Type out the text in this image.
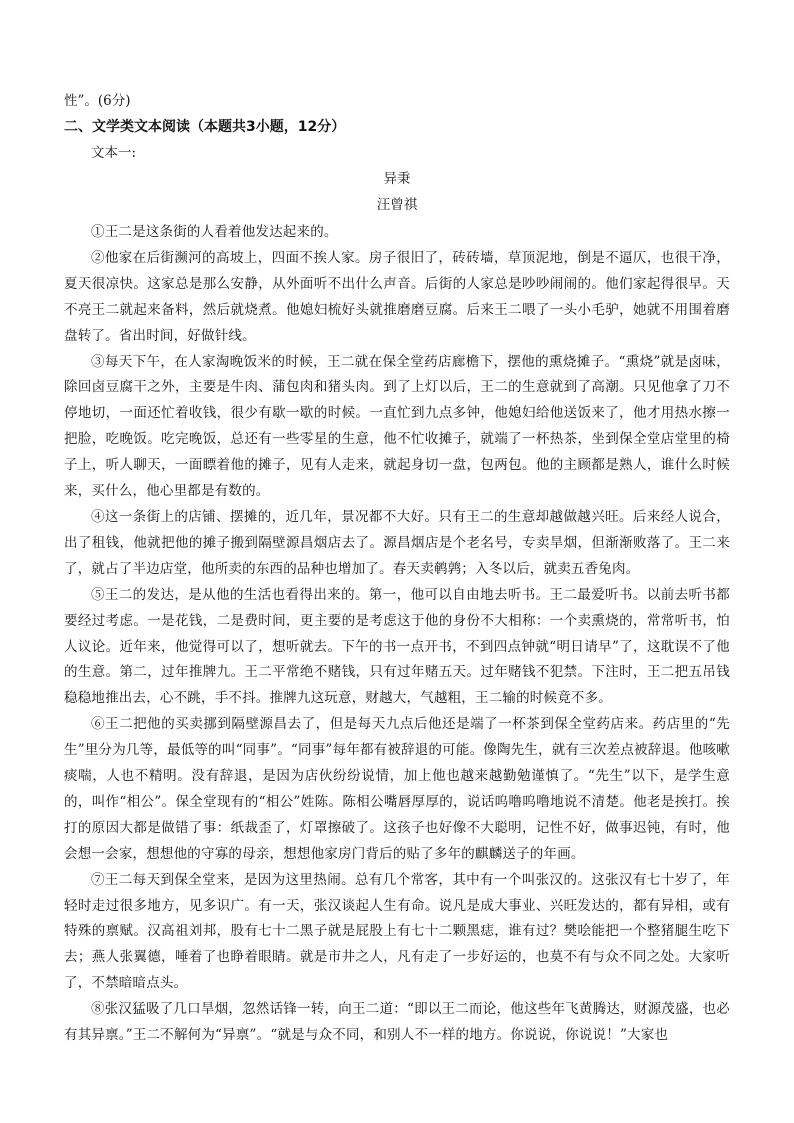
性”。(6分)

二、文学类文本阅读（本题共3小题，12分）

文本一:

异秉

汪曾祺

①王二是这条街的人看着他发达起来的。

②他家在后街濒河的高坡上，四面不挨人家。房子很旧了，砖砖墙，草顶泥地，倒是不逼仄，也很干净，夏天很凉快。这家总是那么安静，从外面听不出什么声音。后街的人家总是吵吵闹闹的。他们家起得很早。天不亮王二就起来备料，然后就烧煮。他媳妇梳好头就推磨磨豆腐。后来王二喂了一头小毛驴，她就不用围着磨盘转了。省出时间，好做针线。

③每天下午，在人家淘晚饭米的时候，王二就在保全堂药店廊檐下，摆他的熏烧摊子。“熏烧”就是卤味，除回卤豆腐干之外，主要是牛肉、蒲包肉和猪头肉。到了上灯以后，王二的生意就到了高潮。只见他拿了刀不停地切，一面还忙着收钱，很少有歇一歇的时候。一直忙到九点多钟，他媳妇给他送饭来了，他才用热水擦一把脸，吃晚饭。吃完晚饭，总还有一些零星的生意，他不忙收摊子，就端了一杯热茶，坐到保全堂店堂里的椅子上，听人聊天，一面瞟着他的摊子，见有人走来，就起身切一盘，包两包。他的主顾都是熟人，谁什么时候来，买什么，他心里都是有数的。

④这一条街上的店铺、摆摊的，近几年，景况都不大好。只有王二的生意却越做越兴旺。后来经人说合，出了租钱，他就把他的摊子搬到隔壁源昌烟店去了。源昌烟店是个老名号，专卖旱烟，但渐渐败落了。王二来了，就占了半边店堂，他所卖的东西的品种也增加了。春天卖鹌鹑；入冬以后，就卖五香兔肉。

⑤王二的发达，是从他的生活也看得出来的。第一，他可以自由地去听书。王二最爱听书。以前去听书都要经过考虑。一是花钱，二是费时间，更主要的是考虑这于他的身份不大相称：一个卖熏烧的，常常听书，怕人议论。近年来，他觉得可以了，想听就去。下午的书一点开书，不到四点钟就“明日请早”了，这耽误不了他的生意。第二，过年推牌九。王二平常绝不赌钱，只有过年赌五天。过年赌钱不犯禁。下注时，王二把五吊钱稳稳地推出去，心不跳，手不抖。推牌九这玩意，财越大，气越粗，王二输的时候竟不多。

⑥王二把他的买卖挪到隔壁源昌去了，但是每天九点后他还是端了一杯茶到保全堂药店来。药店里的“先生”里分为几等，最低等的叫“同事”。“同事”每年都有被辞退的可能。像陶先生，就有三次差点被辞退。他咳嗽痰喘，人也不精明。没有辞退，是因为店伙纷纷说情，加上他也越来越勤勉谨慎了。“先生”以下，是学生意的，叫作“相公”。保全堂现有的“相公”姓陈。陈相公嘴唇厚厚的，说话呜噜呜噜地说不清楚。他老是挨打。挨打的原因大都是做错了事：纸裁歪了，灯罩擦破了。这孩子也好像不大聪明，记性不好，做事迟钝，有时，他会想一会家，想想他的守寡的母亲，想想他家房门背后的贴了多年的麒麟送子的年画。

⑦王二每天到保全堂来，是因为这里热闹。总有几个常客，其中有一个叫张汉的。这张汉有七十岁了，年轻时走过很多地方，见多识广。有一天，张汉谈起人生有命。说凡是成大事业、兴旺发达的，都有异相，或有特殊的禀赋。汉高祖刘邦，股有七十二黑子就是屁股上有七十二颗黑痣，谁有过？樊哙能把一个整猪腿生吃下去；燕人张翼德，唾着了也睁着眼睛。就是市井之人，凡有走了一步好运的，也莫不有与众不同之处。大家听了，不禁暗暗点头。

⑧张汉猛吸了几口旱烟，忽然话锋一转，向王二道：“即以王二而论，他这些年飞黄腾达，财源茂盛，也必有其异禀。”王二不解何为“异禀”。“就是与众不同，和别人不一样的地方。你说说，你说说！”大家也
